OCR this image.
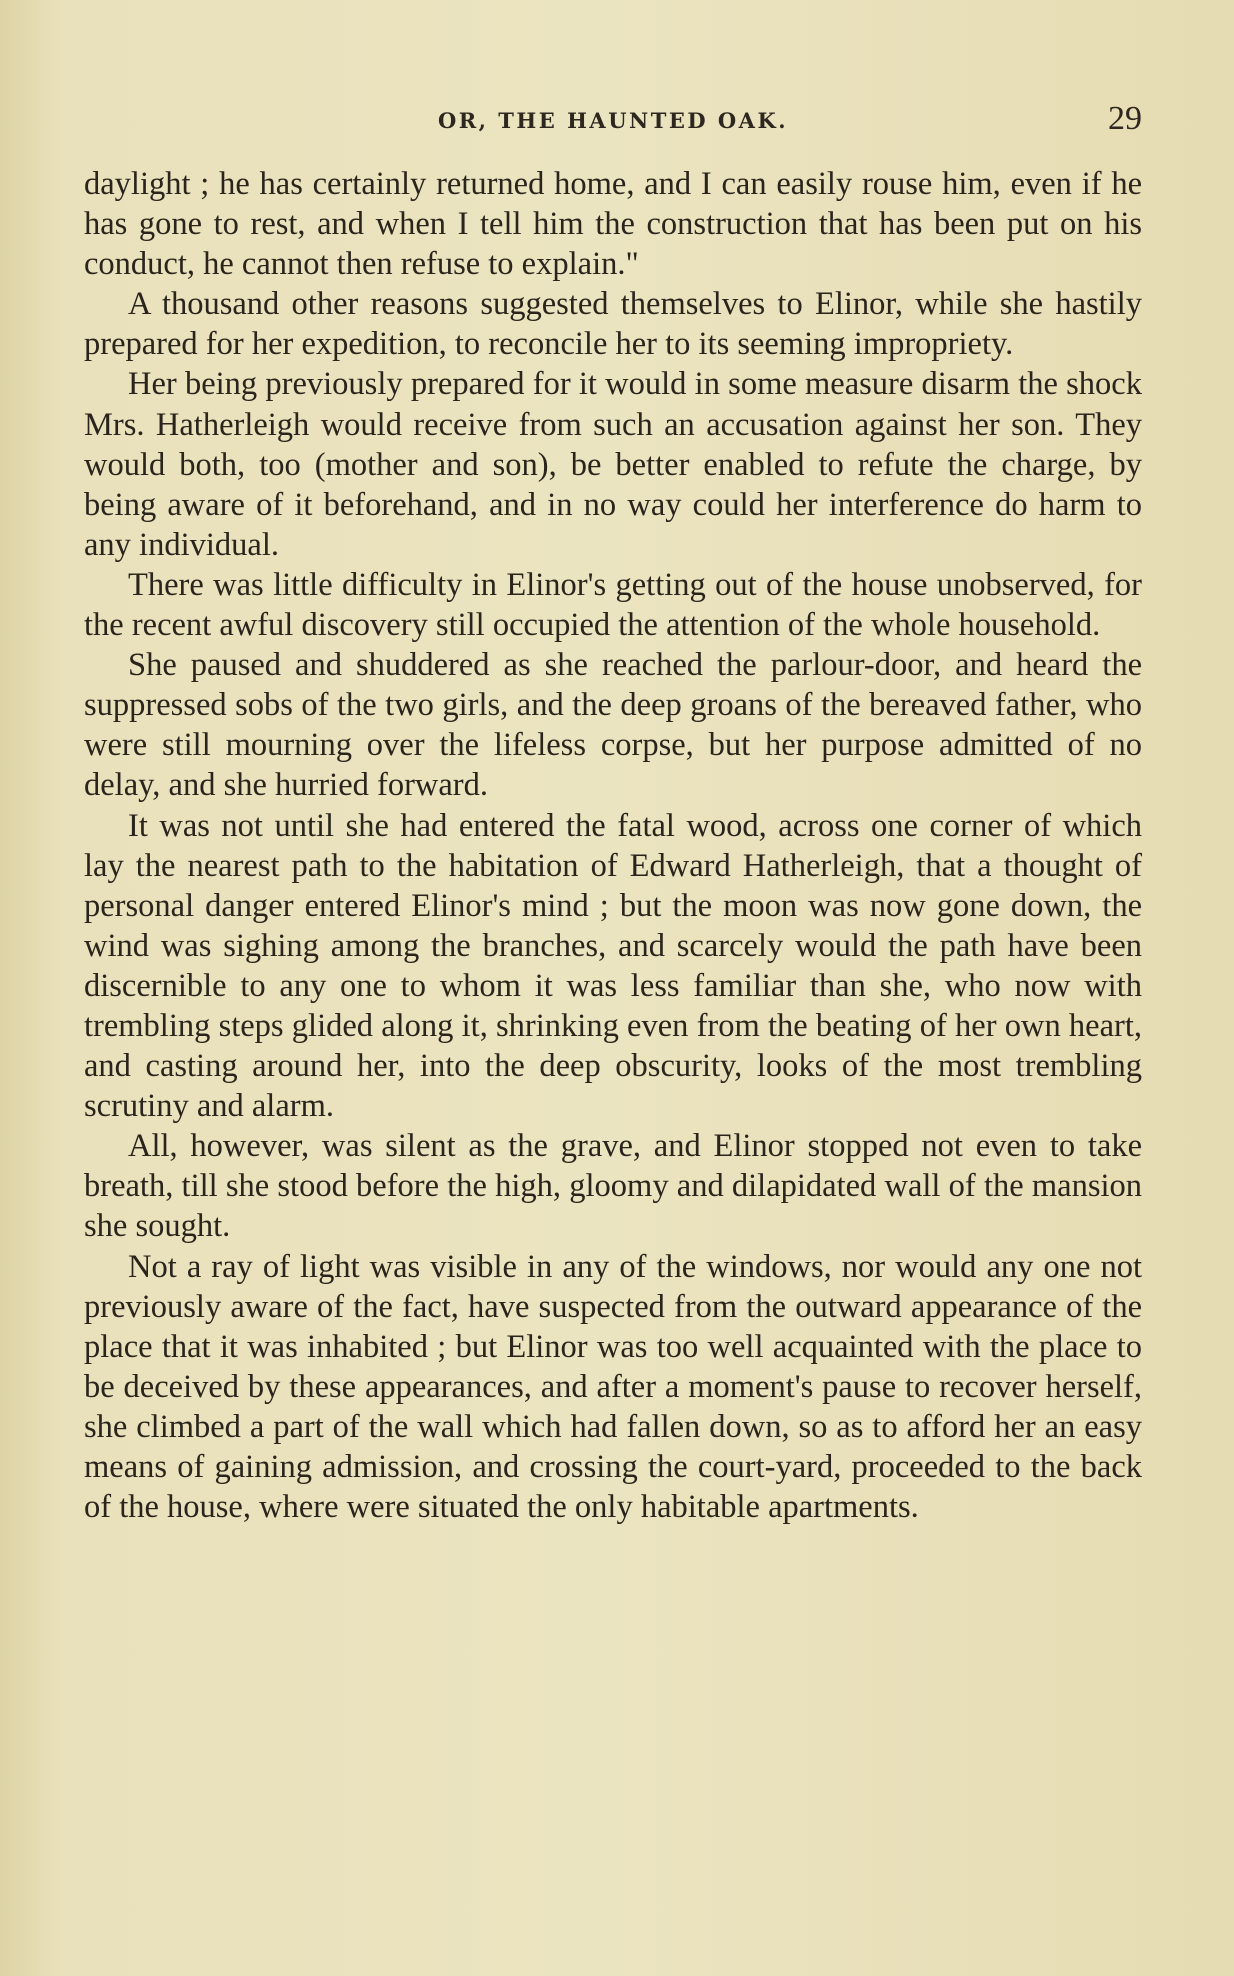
OR, THE HAUNTED OAK.	29

daylight ; he has certainly returned home, and I can easily rouse him, even if he has gone to rest, and when I tell him the construction that has been put on his conduct, he cannot then refuse to explain."

A thousand other reasons suggested themselves to Elinor, while she hastily prepared for her expedition, to reconcile her to its seeming impropriety.

Her being previously prepared for it would in some measure disarm the shock Mrs. Hatherleigh would receive from such an accusation against her son. They would both, too (mother and son), be better enabled to refute the charge, by being aware of it beforehand, and in no way could her interference do harm to any individual.

There was little difficulty in Elinor's getting out of the house unobserved, for the recent awful discovery still occupied the attention of the whole household.

She paused and shuddered as she reached the parlour-door, and heard the suppressed sobs of the two girls, and the deep groans of the bereaved father, who were still mourning over the lifeless corpse, but her purpose admitted of no delay, and she hurried forward.

It was not until she had entered the fatal wood, across one corner of which lay the nearest path to the habitation of Edward Hatherleigh, that a thought of personal danger entered Elinor's mind ; but the moon was now gone down, the wind was sighing among the branches, and scarcely would the path have been discernible to any one to whom it was less familiar than she, who now with trembling steps glided along it, shrinking even from the beating of her own heart, and casting around her, into the deep obscurity, looks of the most trembling scrutiny and alarm.

All, however, was silent as the grave, and Elinor stopped not even to take breath, till she stood before the high, gloomy and dilapidated wall of the mansion she sought.

Not a ray of light was visible in any of the windows, nor would any one not previously aware of the fact, have suspected from the outward appearance of the place that it was inhabited ; but Elinor was too well acquainted with the place to be deceived by these appearances, and after a moment's pause to recover herself, she climbed a part of the wall which had fallen down, so as to afford her an easy means of gaining admission, and crossing the court-yard, proceeded to the back of the house, where were situated the only habitable apartments.
